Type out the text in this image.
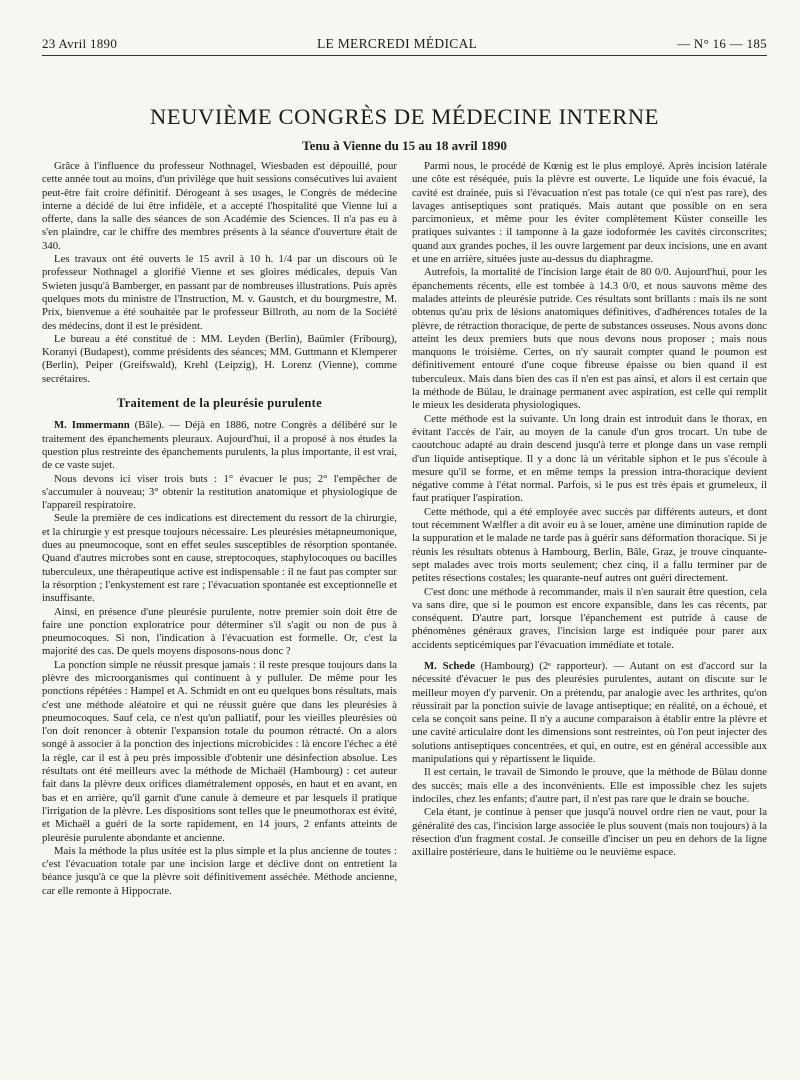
23 Avril 1890	LE MERCREDI MÉDICAL	— N° 16 — 185
NEUVIÈME CONGRÈS DE MÉDECINE INTERNE
Tenu à Vienne du 15 au 18 avril 1890

Grâce à l'influence du professeur Nothnagel, Wiesbaden est dépouillé, pour cette année tout au moins, d'un privilège que huit sessions consécutives lui avaient peut-être fait croire définitif. Dérogeant à ses usages, le Congrès de médecine interne a décidé de lui être infidèle, et a accepté l'hospitalité que Vienne lui a offerte, dans la salle des séances de son Académie des Sciences. Il n'a pas eu à s'en plaindre, car le chiffre des membres présents à la séance d'ouverture était de 340.

Les travaux ont été ouverts le 15 avril à 10 h. 1/4 par un discours où le professeur Nothnagel a glorifié Vienne et ses gloires médicales, depuis Van Swieten jusqu'à Bamberger, en passant par de nombreuses illustrations. Puis après quelques mots du ministre de l'Instruction, M. v. Gaustch, et du bourgmestre, M. Prix, bienvenue a été souhaitée par le professeur Billroth, au nom de la Société des médecins, dont il est le président.

Le bureau a été constitué de : MM. Leyden (Berlin), Baümler (Fribourg), Koranyi (Budapest), comme présidents des séances; MM. Guttmann et Klemperer (Berlin), Peiper (Greifswald), Krehl (Leipzig), H. Lorenz (Vienne), comme secrétaires.

Traitement de la pleurésie purulente

M. Immermann (Bâle). — Déjà en 1886, notre Congrès a délibéré sur le traitement des épanchements pleuraux. Aujourd'hui, il a proposé à nos études la question plus restreinte des épanchements purulents, la plus importante, il est vrai, de ce vaste sujet.

Nous devons ici viser trois buts : 1° évacuer le pus; 2° l'empêcher de s'accumuler à nouveau; 3° obtenir la restitution anatomique et physiologique de l'appareil respiratoire.

Seule la première de ces indications est directement du ressort de la chirurgie, et la chirurgie y est presque toujours nécessaire. Les pleurésies métapneumonique, dues au pneumocoque, sont en effet seules susceptibles de résorption spontanée. Quand d'autres microbes sont en cause, streptocoques, staphylocoques ou bacilles tuberculeux, une thérapeutique active est indispensable : il ne faut pas compter sur la résorption ; l'enkystement est rare ; l'évacuation spontanée est exceptionnelle et insuffisante.

Ainsi, en présence d'une pleurésie purulente, notre premier soin doit être de faire une ponction exploratrice pour déterminer s'il s'agit ou non de pus à pneumocoques. Si non, l'indication à l'évacuation est formelle. Or, c'est la majorité des cas. De quels moyens disposons-nous donc ?

La ponction simple ne réussit presque jamais : il reste presque toujours dans la plèvre des microorganismes qui continuent à y pulluler. De même pour les ponctions répétées : Hampel et A. Schmidt en ont eu quelques bons résultats, mais c'est une méthode aléatoire et qui ne réussit guère que dans les pleurésies à pneumocoques. Sauf cela, ce n'est qu'un palliatif, pour les vieilles pleurésies où l'on doit renoncer à obtenir l'expansion totale du poumon rétracté. On a alors songé à associer à la ponction des injections microbicides : là encore l'échec a été la règle, car il est à peu près impossible d'obtenir une désinfection absolue. Les résultats ont été meilleurs avec la méthode de Michaël (Hambourg) : cet auteur fait dans la plèvre deux orifices diamétralement opposés, en haut et en avant, en bas et en arrière, qu'il garnit d'une canule à demeure et par lesquels il pratique l'irrigation de la plèvre. Les dispositions sont telles que le pneumothorax est évité, et Michaël a guéri de la sorte rapidement, en 14 jours, 2 enfants atteints de pleurésie purulente abondante et ancienne.

Mais la méthode la plus usitée est la plus simple et la plus ancienne de toutes : c'est l'évacuation totale par une incision large et déclive dont on entretient la béance jusqu'à ce que la plèvre soit définitivement asséchée. Méthode ancienne, car elle remonte à Hippocrate.

Parmi nous, le procédé de Kœnig est le plus employé. Après incision latérale une côte est réséquée, puis la plèvre est ouverte. Le liquide une fois évacué, la cavité est drainée, puis si l'évacuation n'est pas totale (ce qui n'est pas rare), des lavages antiseptiques sont pratiqués. Mais autant que possible on en sera parcimonieux, et même pour les éviter complètement Küster conseille les pratiques suivantes : il tamponne à la gaze iodoformée les cavités circonscrites; quand aux grandes poches, il les ouvre largement par deux incisions, une en avant et une en arrière, situées juste au-dessus du diaphragme.

Autrefois, la mortalité de l'incision large était de 80 0/0. Aujourd'hui, pour les épanchements récents, elle est tombée à 14.3 0/0, et nous sauvons même des malades atteints de pleurésie putride. Ces résultats sont brillants : mais ils ne sont obtenus qu'au prix de lésions anatomiques définitives, d'adhérences totales de la plèvre, de rétraction thoracique, de perte de substances osseuses. Nous avons donc atteint les deux premiers buts que nous devons nous proposer ; mais nous manquons le troisième. Certes, on n'y saurait compter quand le poumon est définitivement entouré d'une coque fibreuse épaisse ou bien quand il est tuberculeux. Mais dans bien des cas il n'en est pas ainsi, et alors il est certain que la méthode de Bülau, le drainage permanent avec aspiration, est celle qui remplit le mieux les desiderata physiologiques.

Cette méthode est la suivante. Un long drain est introduit dans le thorax, en évitant l'accès de l'air, au moyen de la canule d'un gros trocart. Un tube de caoutchouc adapté au drain descend jusqu'à terre et plonge dans un vase rempli d'un liquide antiseptique. Il y a donc là un véritable siphon et le pus s'écoule à mesure qu'il se forme, et en même temps la pression intra-thoracique devient négative comme à l'état normal. Parfois, si le pus est très épais et grumeleux, il faut pratiquer l'aspiration.

Cette méthode, qui a été employée avec succès par différents auteurs, et dont tout récemment Wælfler a dit avoir eu à se louer, amène une diminution rapide de la suppuration et le malade ne tarde pas à guérir sans déformation thoracique. Si je réunis les résultats obtenus à Hambourg, Berlin, Bâle, Graz, je trouve cinquante-sept malades avec trois morts seulement; chez cinq, il a fallu terminer par de petites résections costales; les quarante-neuf autres ont guéri directement.

C'est donc une méthode à recommander, mais il n'en saurait être question, cela va sans dire, que si le poumon est encore expansible, dans les cas récents, par conséquent. D'autre part, lorsque l'épanchement est putride à cause de phénomènes généraux graves, l'incision large est indiquée pour parer aux accidents septicémiques par l'évacuation immédiate et totale.

M. Schede (Hambourg) (2ᵉ rapporteur). — Autant on est d'accord sur la nécessité d'évacuer le pus des pleurésies purulentes, autant on discute sur le meilleur moyen d'y parvenir. On a prétendu, par analogie avec les arthrites, qu'on réussirait par la ponction suivie de lavage antiseptique; en réalité, on a échoué, et cela se conçoit sans peine. Il n'y a aucune comparaison à établir entre la plèvre et une cavité articulaire dont les dimensions sont restreintes, où l'on peut injecter des solutions antiseptiques concentrées, et qui, en outre, est en général accessible aux manipulations qui y répartissent le liquide.

Il est certain, le travail de Simondo le prouve, que la méthode de Bülau donne des succès; mais elle a des inconvénients. Elle est impossible chez les sujets indociles, chez les enfants; d'autre part, il n'est pas rare que le drain se bouche.

Cela étant, je continue à penser que jusqu'à nouvel ordre rien ne vaut, pour la généralité des cas, l'incision large associée le plus souvent (mais non toujours) à la résection d'un fragment costal. Je conseille d'inciser un peu en dehors de la ligne axillaire postérieure, dans le huitième ou le neuvième espace.
